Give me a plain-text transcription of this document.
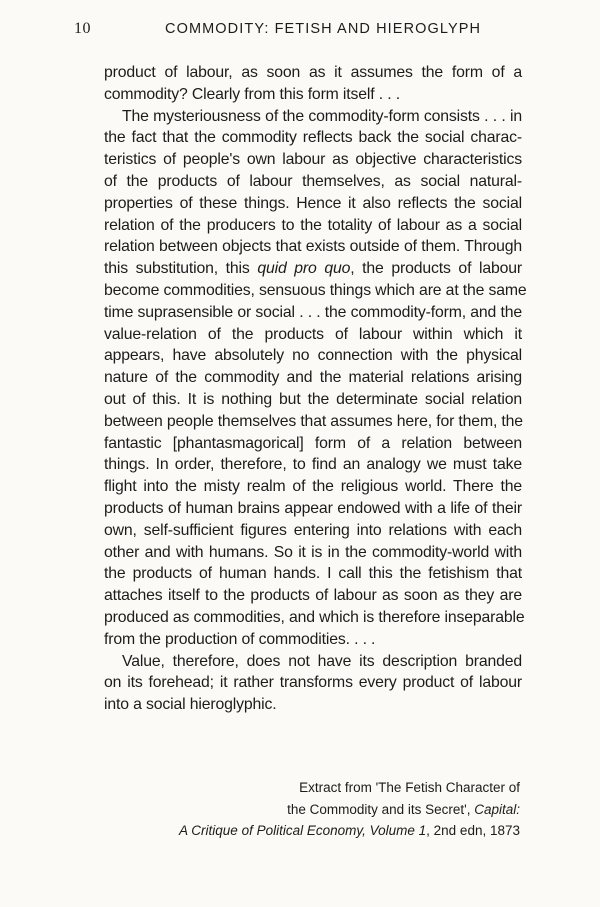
10	COMMODITY: FETISH AND HIEROGLYPH
product of labour, as soon as it assumes the form of a
commodity? Clearly from this form itself . . .
The mysteriousness of the commodity-form consists . . . in
the fact that the commodity reflects back the social charac-
teristics of people's own labour as objective characteristics
of the products of labour themselves, as social natural-
properties of these things. Hence it also reflects the social
relation of the producers to the totality of labour as a social
relation between objects that exists outside of them. Through
this substitution, this quid pro quo, the products of labour
become commodities, sensuous things which are at the same
time suprasensible or social . . . the commodity-form, and the
value-relation of the products of labour within which it
appears, have absolutely no connection with the physical
nature of the commodity and the material relations arising
out of this. It is nothing but the determinate social relation
between people themselves that assumes here, for them, the
fantastic [phantasmagorical] form of a relation between
things. In order, therefore, to find an analogy we must take
flight into the misty realm of the religious world. There the
products of human brains appear endowed with a life of their
own, self-sufficient figures entering into relations with each
other and with humans. So it is in the commodity-world with
the products of human hands. I call this the fetishism that
attaches itself to the products of labour as soon as they are
produced as commodities, and which is therefore inseparable
from the production of commodities. . . .
Value, therefore, does not have its description branded
on its forehead; it rather transforms every product of labour
into a social hieroglyphic.
Extract from 'The Fetish Character of
the Commodity and its Secret', Capital:
A Critique of Political Economy, Volume 1, 2nd edn, 1873
